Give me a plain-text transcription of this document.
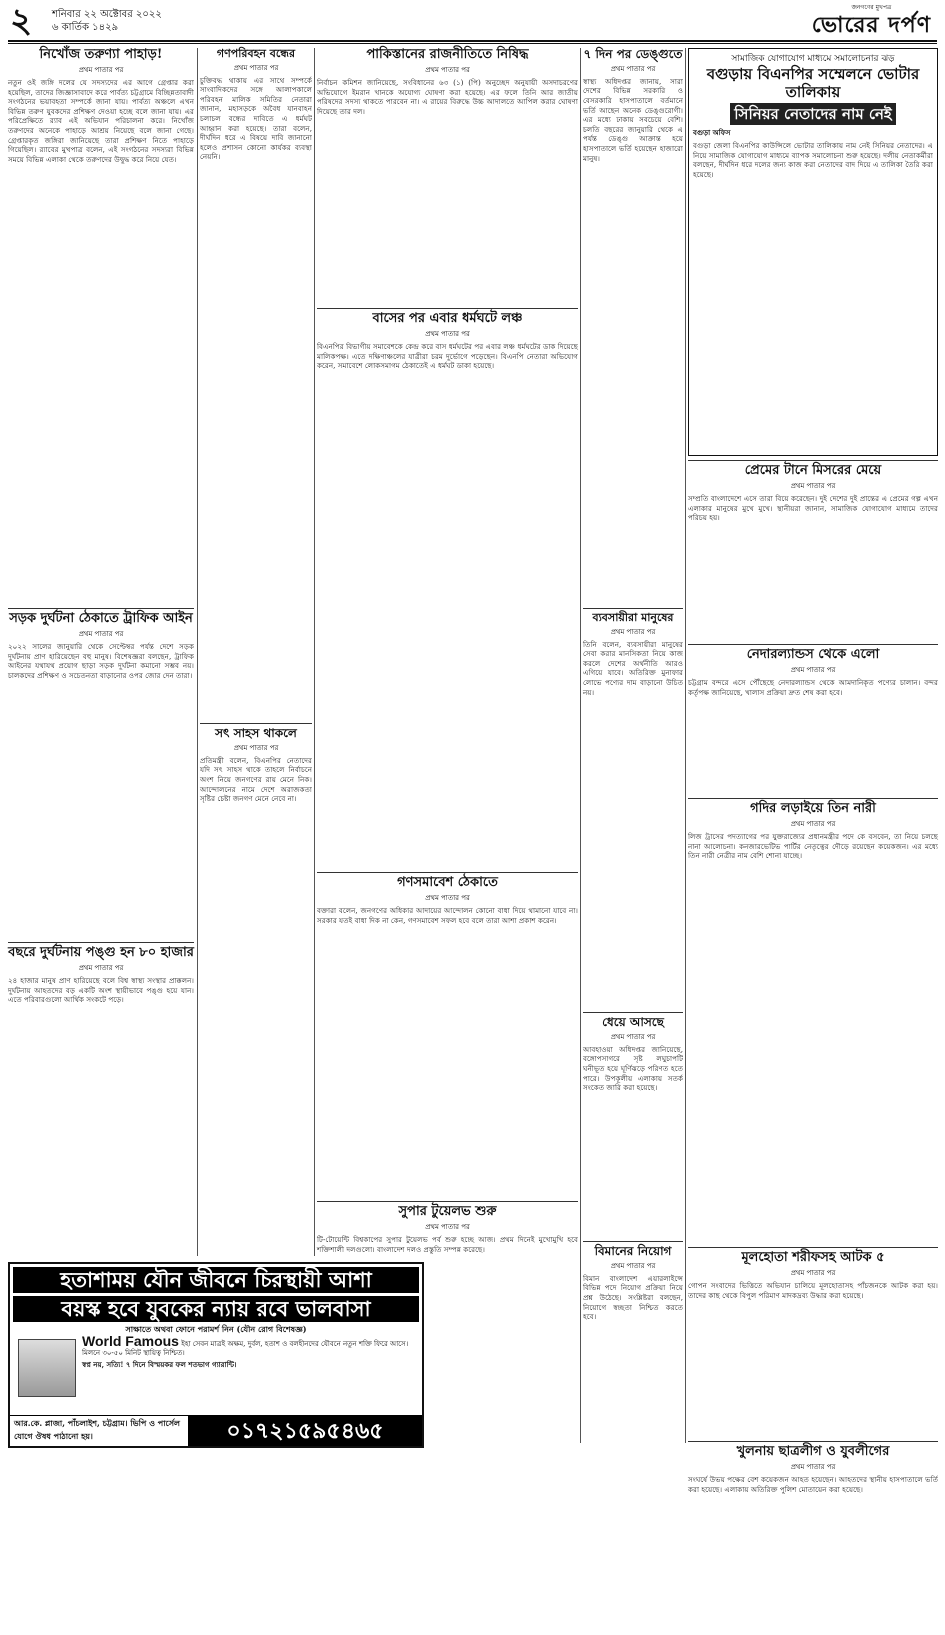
২ শনিবার ২২ অক্টোবর ২০২২
৬ কার্তিক ১৪২৯
জনগণের মুখপত্র
ভোরের দর্পণ
নিখোঁজ তরুণ্যা পাহাড়!
প্রথম পাতার পর
নতুন ওই জঙ্গি দলের যে সদস্যদের এর আগে গ্রেপ্তার করা হয়েছিল, তাদের জিজ্ঞাসাবাদে করে পার্বত্য চট্টগ্রামে বিচ্ছিন্নতাবাদী সংগঠনের ভয়াবহতা সম্পর্কে জানা যায়। পার্বত্য অঞ্চলে এখন বিভিন্ন তরুণ যুবকদের প্রশিক্ষণ দেওয়া হচ্ছে বলে জানা যায়। এর পরিপ্রেক্ষিতে র‌্যাব এই অভিযান পরিচালনা করে। নিখোঁজ তরুণদের অনেকে পাহাড়ে আশ্রয় নিয়েছে বলে জানা গেছে। গ্রেপ্তারকৃত জঙ্গিরা জানিয়েছে তারা প্রশিক্ষণ নিতে পাহাড়ে গিয়েছিল। র‌্যাবের মুখপাত্র বলেন, এই সংগঠনের সদস্যরা বিভিন্ন সময়ে বিভিন্ন এলাকা থেকে তরুণদের উদ্বুদ্ধ করে নিয়ে যেত।
সড়ক দুর্ঘটনা ঠেকাতে ট্রাফিক আইন
প্রথম পাতার পর
২০২২ সালের জানুয়ারি থেকে সেপ্টেম্বর পর্যন্ত দেশে সড়ক দুর্ঘটনায় প্রাণ হারিয়েছেন বহু মানুষ। বিশেষজ্ঞরা বলছেন, ট্রাফিক আইনের যথাযথ প্রয়োগ ছাড়া সড়ক দুর্ঘটনা কমানো সম্ভব নয়। চালকদের প্রশিক্ষণ ও সচেতনতা বাড়ানোর ওপর জোর দেন তারা।
বছরে দুর্ঘটনায় পঙ্গু হন ৮০ হাজার
প্রথম পাতার পর
২৪ হাজার মানুষ প্রাণ হারিয়েছে বলে বিশ্ব স্বাস্থ্য সংস্থার প্রাক্কলন। দুর্ঘটনায় আহতদের বড় একটি অংশ স্থায়ীভাবে পঙ্গু হয়ে যান। এতে পরিবারগুলো আর্থিক সংকটে পড়ে।
গণপরিবহন বন্ধের
প্রথম পাতার পর
চুক্তিবদ্ধ থাকায় এর সাথে সম্পর্কে সাংবাদিকদের সঙ্গে আলাপকালে পরিবহন মালিক সমিতির নেতারা জানান, মহাসড়কে অবৈধ যানবাহন চলাচল বন্ধের দাবিতে এ ধর্মঘট আহ্বান করা হয়েছে। তারা বলেন, দীর্ঘদিন ধরে এ বিষয়ে দাবি জানানো হলেও প্রশাসন কোনো কার্যকর ব্যবস্থা নেয়নি।
সৎ সাহস থাকলে
প্রথম পাতার পর
প্রতিমন্ত্রী বলেন, বিএনপির নেতাদের যদি সৎ সাহস থাকে তাহলে নির্বাচনে অংশ নিয়ে জনগণের রায় মেনে নিক। আন্দোলনের নামে দেশে অরাজকতা সৃষ্টির চেষ্টা জনগণ মেনে নেবে না।
পাকিস্তানের রাজনীতিতে নিষিদ্ধ
প্রথম পাতার পর
নির্বাচন কমিশন জানিয়েছে, সংবিধানের ৬৩ (১) (পি) অনুচ্ছেদ অনুযায়ী অসদাচরণের অভিযোগে ইমরান খানকে অযোগ্য ঘোষণা করা হয়েছে। এর ফলে তিনি আর জাতীয় পরিষদের সদস্য থাকতে পারবেন না। এ রায়ের বিরুদ্ধে উচ্চ আদালতে আপিল করার ঘোষণা দিয়েছে তার দল।
বাসের পর এবার ধর্মঘটে লঞ্চ
প্রথম পাতার পর
বিএনপির বিভাগীয় সমাবেশকে কেন্দ্র করে বাস ধর্মঘটের পর এবার লঞ্চ ধর্মঘটের ডাক দিয়েছে মালিকপক্ষ। এতে দক্ষিণাঞ্চলের যাত্রীরা চরম দুর্ভোগে পড়েছেন। বিএনপি নেতারা অভিযোগ করেন, সমাবেশে লোকসমাগম ঠেকাতেই এ ধর্মঘট ডাকা হয়েছে।
গণসমাবেশ ঠেকাতে
প্রথম পাতার পর
বক্তারা বলেন, জনগণের অধিকার আদায়ের আন্দোলন কোনো বাধা দিয়ে থামানো যাবে না। সরকার যতই বাধা দিক না কেন, গণসমাবেশ সফল হবে বলে তারা আশা প্রকাশ করেন।
সুপার টুয়েলভ শুরু
প্রথম পাতার পর
টি-টোয়েন্টি বিশ্বকাপের সুপার টুয়েলভ পর্ব শুরু হচ্ছে আজ। প্রথম দিনেই মুখোমুখি হবে শক্তিশালী দলগুলো। বাংলাদেশ দলও প্রস্তুতি সম্পন্ন করেছে।
৭ দিন পর ডেঙ্গুতে
প্রথম পাতার পর
স্বাস্থ্য অধিদপ্তর জানায়, সারা দেশের বিভিন্ন সরকারি ও বেসরকারি হাসপাতালে বর্তমানে ভর্তি আছেন অনেক ডেঙ্গুরোগী। এর মধ্যে ঢাকায় সবচেয়ে বেশি। চলতি বছরের জানুয়ারি থেকে এ পর্যন্ত ডেঙ্গু আক্রান্ত হয়ে হাসপাতালে ভর্তি হয়েছেন হাজারো মানুষ।
ব্যবসায়ীরা মানুষের
প্রথম পাতার পর
তিনি বলেন, ব্যবসায়ীরা মানুষের সেবা করার মানসিকতা নিয়ে কাজ করলে দেশের অর্থনীতি আরও এগিয়ে যাবে। অতিরিক্ত মুনাফার লোভে পণ্যের দাম বাড়ানো উচিত নয়।
ধেয়ে আসছে
প্রথম পাতার পর
আবহাওয়া অধিদপ্তর জানিয়েছে, বঙ্গোপসাগরে সৃষ্ট লঘুচাপটি ঘনীভূত হয়ে ঘূর্ণিঝড়ে পরিণত হতে পারে। উপকূলীয় এলাকায় সতর্ক সংকেত জারি করা হয়েছে।
বিমানের নিয়োগ
প্রথম পাতার পর
বিমান বাংলাদেশ এয়ারলাইন্সে বিভিন্ন পদে নিয়োগ প্রক্রিয়া নিয়ে প্রশ্ন উঠেছে। সংশ্লিষ্টরা বলছেন, নিয়োগে স্বচ্ছতা নিশ্চিত করতে হবে।
সামাজিক যোগাযোগ মাধ্যমে সমালোচনার ঝড়
বগুড়ায় বিএনপির সম্মেলনে ভোটার তালিকায়
সিনিয়র নেতাদের নাম নেই
বগুড়া অফিস
বগুড়া জেলা বিএনপির কাউন্সিলে ভোটার তালিকায় নাম নেই সিনিয়র নেতাদের। এ নিয়ে সামাজিক যোগাযোগ মাধ্যমে ব্যাপক সমালোচনা শুরু হয়েছে। দলীয় নেতাকর্মীরা বলছেন, দীর্ঘদিন ধরে দলের জন্য কাজ করা নেতাদের বাদ দিয়ে এ তালিকা তৈরি করা হয়েছে।
প্রেমের টানে মিসরের মেয়ে
প্রথম পাতার পর
সম্প্রতি বাংলাদেশে এসে তারা বিয়ে করেছেন। দুই দেশের দুই প্রান্তের এ প্রেমের গল্প এখন এলাকার মানুষের মুখে মুখে। স্থানীয়রা জানান, সামাজিক যোগাযোগ মাধ্যমে তাদের পরিচয় হয়।
নেদারল্যান্ডস থেকে এলো
প্রথম পাতার পর
চট্টগ্রাম বন্দরে এসে পৌঁছেছে নেদারল্যান্ডস থেকে আমদানিকৃত পণ্যের চালান। বন্দর কর্তৃপক্ষ জানিয়েছে, খালাস প্রক্রিয়া দ্রুত শেষ করা হবে।
গদির লড়াইয়ে তিন নারী
প্রথম পাতার পর
লিজ ট্রাসের পদত্যাগের পর যুক্তরাজ্যের প্রধানমন্ত্রীর পদে কে বসবেন, তা নিয়ে চলছে নানা আলোচনা। কনজারভেটিভ পার্টির নেতৃত্বের দৌড়ে রয়েছেন কয়েকজন। এর মধ্যে তিন নারী নেত্রীর নাম বেশি শোনা যাচ্ছে।
মূলহোতা শরীফসহ আটক ৫
প্রথম পাতার পর
গোপন সংবাদের ভিত্তিতে অভিযান চালিয়ে মূলহোতাসহ পাঁচজনকে আটক করা হয়। তাদের কাছ থেকে বিপুল পরিমাণ মাদকদ্রব্য উদ্ধার করা হয়েছে।
খুলনায় ছাত্রলীগ ও যুবলীগের
প্রথম পাতার পর
সংঘর্ষে উভয় পক্ষের বেশ কয়েকজন আহত হয়েছেন। আহতদের স্থানীয় হাসপাতালে ভর্তি করা হয়েছে। এলাকায় অতিরিক্ত পুলিশ মোতায়েন করা হয়েছে।
হতাশাময় যৌন জীবনে চিরস্থায়ী আশা
বয়স্ক হবে যুবকের ন্যায় রবে ভালবাসা
সাক্ষাতে অথবা ফোনে পরামর্শ নিন (যৌন রোগ বিশেষজ্ঞ)
World Famous ইহা সেবন মাত্রই অক্ষম, দুর্বল, হতাশ ও বলহীনদের যৌবনে নতুন শক্তি ফিরে আসে। মিলনে ৩০-৫০ মিনিট স্থায়িত্ব নিশ্চিত।
স্বপ্ন নয়, সত্যি! ৭ দিনে বিস্ময়কর ফল শতভাগ গ্যারান্টি।
আর.কে. প্লাজা, পাঁচলাইশ, চট্টগ্রাম। ভিপি ও পার্সেল যোগে ঔষধ পাঠানো হয়।	০১৭২১৫৯৫৪৬৫
